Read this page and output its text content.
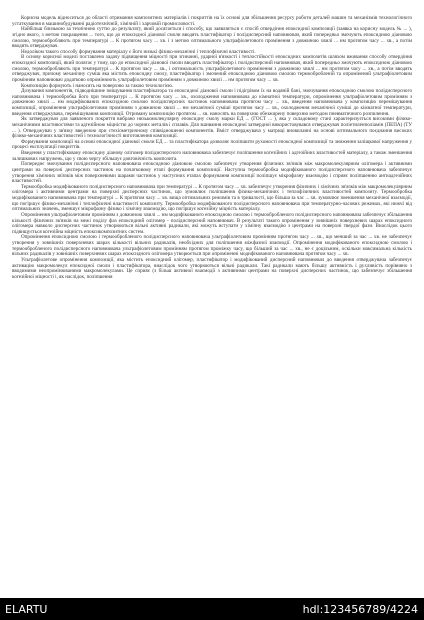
Корисна модель відноситься до області отримання композитних матеріалів і покриттів на їх основі для збільшення ресурсу роботи деталей машин та механізмів технологічного устаткування в машинобудуванні радіотехнічній, хімічній і харчовій промисловості.

Найбільш близькою за технічною суттю до результату, який досягається і способу, що заявляється є спосіб отвердіння епоксидної композиції (заявка на корисну модель № ... ), згідно якого, з метою покращення ... того, що до епоксидної діанової смоли вводять пластифікатор і полідисперсний наповнювач, який попередньо змочують епоксидною діановою смолою, термообробляють при температурі ... К протягом часу ... хв. і з метою оптимального ультрафіолетового промінення з довжиною хвилі ... нм протягом часу ... хв., а потім вводять отверджувач.

Недоліком такого способу формування матеріалу є його низькі фізико-механічні і теплофізичні властивості.

В основу корисної моделі поставлено задачу підвищення міцності при згинанні, ударної в'язкості і теплостійкості епоксидних композитів шляхом вживання способу отвердіння епоксидної композиції, який полягає у тому, що до епоксидної діанової смоли вводять пластифікатор і полідисперсний наповнювач, який попередньо змочують епоксидною діановою смолою, термообробляють при температурі ... К протягом часу ... хв., і оптимальність ультрафіолетового промінення з довжиною хвилі ... нм протягом часу ... хв., а потім вводять отверджувач, причому механічну суміш яка містить епоксидну смолу, пластифікатор і змочений епоксидною діановою смолою термообробленій та опромінений ультрафіолетовим промінням наповнювач додатково опромінюють ультрафіолетовим промінням з довжиною хвилі ... нм протягом часу ... хв.

Композицію формують і наносять на поверхню за такою технологією.

Дозування компонентів, підводнішине зміщування пластифікатора та епоксидної діанової смоли і підігрівом їх на водяній бані, змочування епоксидною смолою полідисперсного наповнювача і термообробка його при температурі ... К протягом часу ... хв., охолодження наповнювача до кімнатної температури, опромінення ультрафіолетовим промінням з довжиною хвилі ... нм модифікованих епоксидною смолою полідисперсних частинок наповнювача протягом часу ... хв., введення наповнювача у композицію перемішування композиції, опромінення ультрафіолетовим промінням з довжиною хвилі ... нм механічної суміші протягом часу ... хв., охолодження механічної суміші до кімнатної температури, введення отверджувача, перемішування композиції. Отриману композицію протягом ... хв. наносять на поверхню обезжирену поверхню методом пневматичного розпилення.

Як затверджувач для заявленого покриття вибрано низькомолекулярну епоксидну смолу марки ЕД ... (ГОСТ ... ), яка у складовому стані характеризується високими фізико-механічними властивостями та адгезійною міцністю до чорних металів і сплавів. Для зшивання епоксидної затвердної використовувався отверджувач поліетиленполіамін (ПЕПА) (ТУ ... ). Отверджувач у зв'язку введеною при стехіометричному співвідношенні компонентів. Вміст отверджувача у матриці вновиланні на основі оптимального поєднання високих фізико-механічних властивостей і технологічності виготовлення композиції.

Формування композиції на основі епоксидної діанової смоли ЕД ... та пластифікатора дозволяє поліпшити рухомості епоксидної композиції та зниження заліщкової напруження у процесі експлуатації покриттів.

Введення у пластифіковану епоксидну діанову олігомер полідисперсного наповнювача забезпечує поліпшення когезійних і адгезійних властивостей матеріалу, а також зменшення залишкових напружень, що у свою чергу збільшує довговічність композита.

Попереднє змочування полідисперсного наповнювача епоксидною діановою смолою забезпечує утворення фізичних зв'язків між макромолекулярним олігомера і активними центрами на поверхні дисперсних частинок на початковому етапі формування композиції. Наступна термообробка модифікованого полідисперсного наповнювача забезпечує утворення хімічних зв'язків між поверхневими шарами частинок у наступних етапах формування композиції поліпшує мікрофазну взаємодію і сприяє поліпшенню антиадгезійних властивостей.

Термообробка модифікованого полідисперсного наповнювача при температурі ... К протягом часу ... хв. забезпечує утворення фізичних і хімічних зв'язків між макромолекулярним олігомера і активними центрами на поверхні дисперсних частинок, що зумовлює поліпшення фізико-механічних і теплофізичних властивостей композиту. Термообробка модифікованого наповнювача при температурі ... К протягом часу ... хв. вища оптимальних режимів та в тривалості, що більша за час ... хв. зумовлює зменшення механічної взаємодії, що погіршує фізико-механічні і теплофізичні властивості композиту. Термообробка модифікованого полідисперсного наповнювача при температурно-часових режимах, які нижчі від оптимальних значень, зменшує мікрофазну фізико і хімічну взаємодію, що погіршує когезійну міцність матеріалу.

Опромінення ультрафіолетовим промінням з довжиною хвилі ... нм модифікованого епоксидною смолою і термообробленого полідисперсного наповнювача забезпечує збільшення кількості фізичних зв'язків на межі поділу фаз епоксидний олігомер - полідисперсний наповнювач. В результаті такого опромінення у зовнішніх поверхневих шарах епоксидного олігомера навколо дисперсних частинок утворюються вільні активні радикали, які можуть вступати у хімічну взаємодію з центрами на поверхні твердої фази. Внаслідок цього підвищується когезійна міцність епоксикомпозитних систем.

Опромінення епоксидною смолою і термообробленого полідисперсного наповнювача ультрафіолетовим промінням протягом часу ... хв., що менший за час ... хв. не забезпечує утворення у зовнішніх поверхневих шарах кількості вільних радикалів, необхідних для поліпшення міжфазної взаємодії. Опромінення модифікованого епоксидною смолою і термообробленого полідисперсного наповнювача ультрафіолетовим промінням протягом проміжку часу, що більший за час ... хв., не є доцільним, оскільки максимальна кількість вільних радикалів у зовнішніх поверхневих шарах епоксидного олігомера утворюється при опроміненні модифікованого наповнювача протягом часу ... хв.

Ультрафіолетове опромінення композиції, яка містить епоксидний олігомер, пластифікатор і модифікований дисперсний наповнювач до введення отверджувача забезпечує активацію макромолекул епоксидної смоли і пластифікатора, внаслідок чого утворюються вільні радикали. Такі радикали мають більшу активність і рухливість порівняно з вводимими неопромінюваними макромолекулами. Це сприяє (з більш активної взаємодії з активними центрами на поверхні дисперсних частинок, що забезпечує збільшення когезійної міцності і, як наслідок, поліпшення

ELARTU	hdl:123456789/4224
